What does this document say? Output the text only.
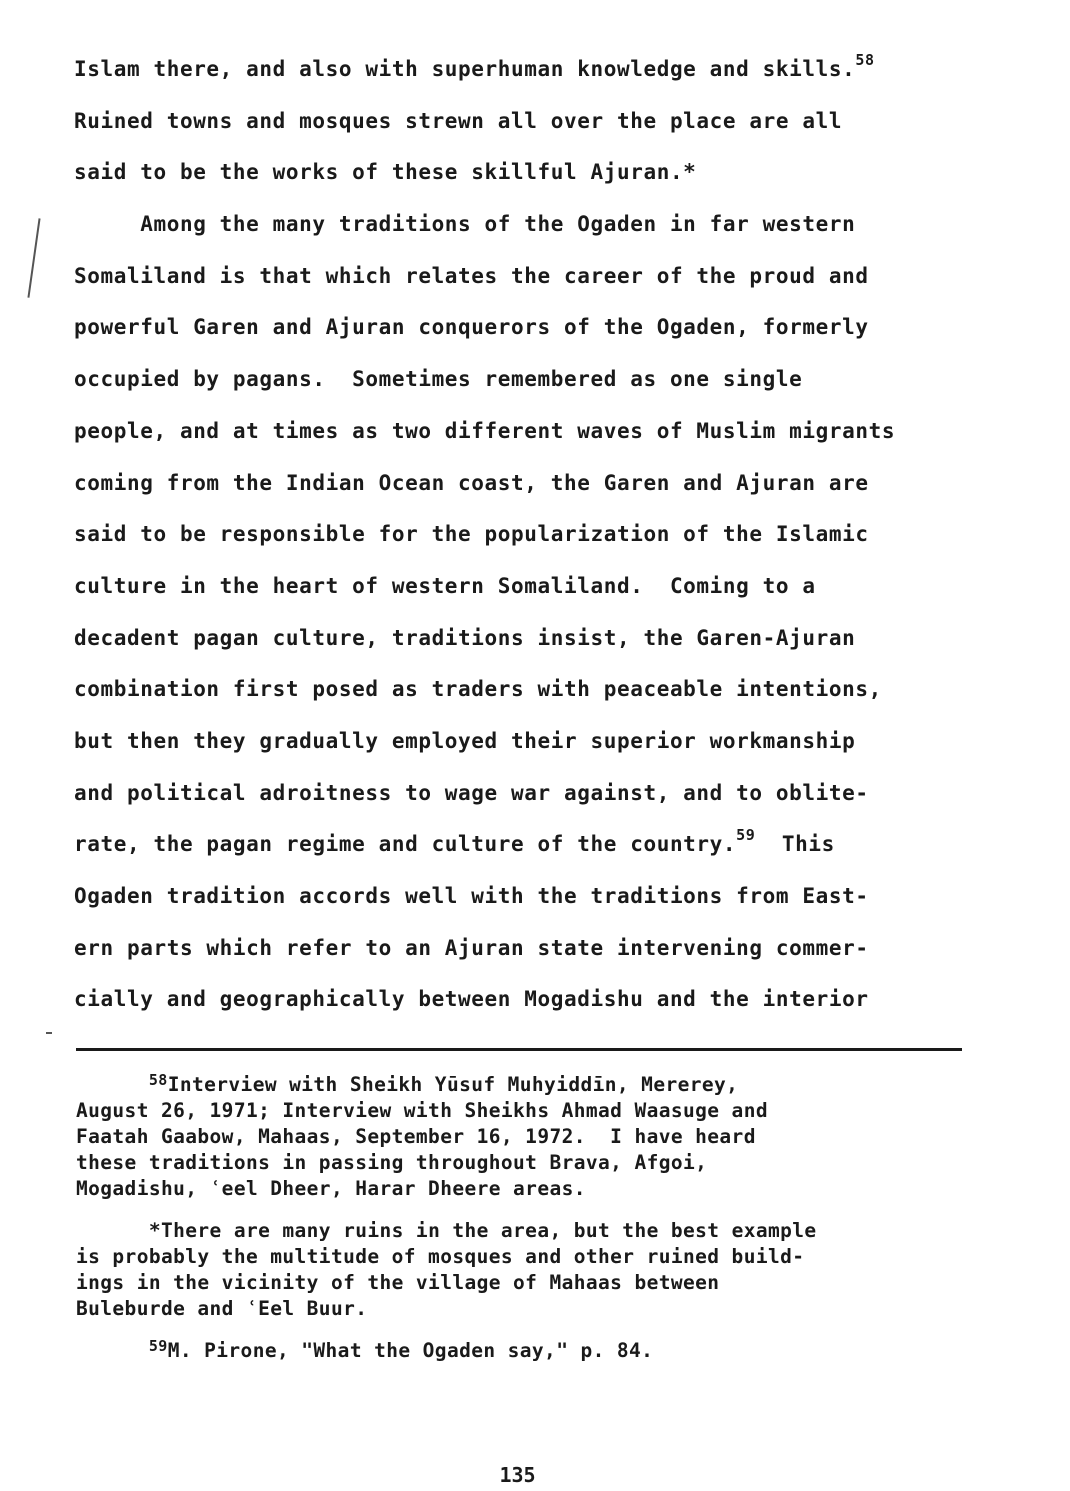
Islam there, and also with superhuman knowledge and skills.$^{58}$
Ruined towns and mosques strewn all over the place are all
said to be the works of these skillful Ajuran.*
Among the many traditions of the Ogaden in far western
Somaliland is that which relates the career of the proud and
powerful Garen and Ajuran conquerors of the Ogaden, formerly
occupied by pagans.  Sometimes remembered as one single
people, and at times as two different waves of Muslim migrants
coming from the Indian Ocean coast, the Garen and Ajuran are
said to be responsible for the popularization of the Islamic
culture in the heart of western Somaliland.  Coming to a
decadent pagan culture, traditions insist, the Garen-Ajuran
combination first posed as traders with peaceable intentions,
but then they gradually employed their superior workmanship
and political adroitness to wage war against, and to oblite-
rate, the pagan regime and culture of the country.$^{59}$  This
Ogaden tradition accords well with the traditions from East-
ern parts which refer to an Ajuran state intervening commer-
cially and geographically between Mogadishu and the interior
$^{58}$Interview with Sheikh Yūsuf Muhyiddīn, Mererey,
August 26, 1971; Interview with Sheikhs Ahmad Waasuge and
Faatah Gaabow, Mahaas, September 16, 1972.  I have heard
these traditions in passing throughout Brava, Afgoi,
Mogadishu, ʿeel Dheer, Harar Dheere areas.
*There are many ruins in the area, but the best example
is probably the multitude of mosques and other ruined build-
ings in the vicinity of the village of Mahaas between
Buleburde and ʿEel Buur.
$^{59}$M. Pirone, "What the Ogaden say," p. 84.
135
